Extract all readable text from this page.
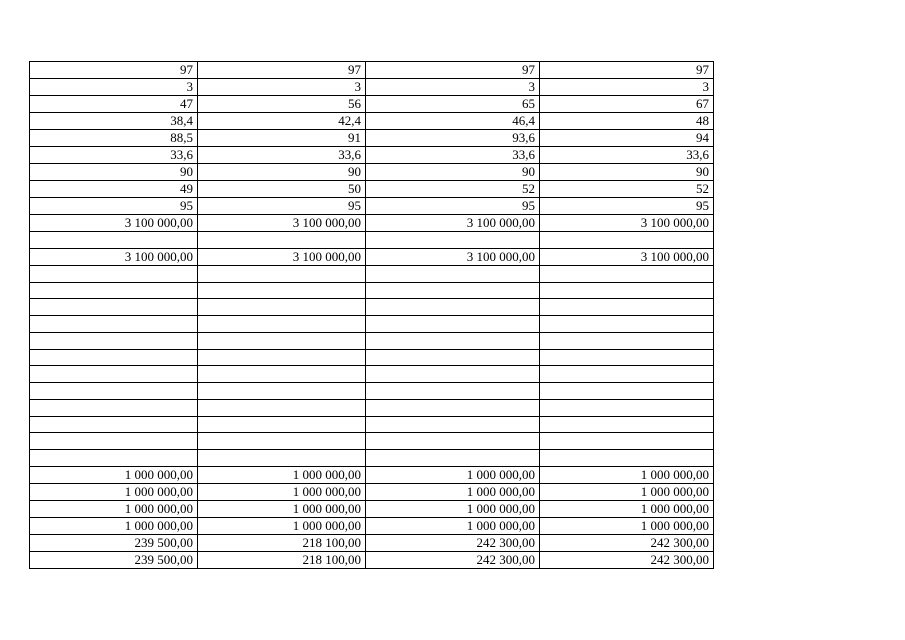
97	97	97	97
3	3	3	3
47	56	65	67
38,4	42,4	46,4	48
88,5	91	93,6	94
33,6	33,6	33,6	33,6
90	90	90	90
49	50	52	52
95	95	95	95
3 100 000,00	3 100 000,00	3 100 000,00	3 100 000,00

3 100 000,00	3 100 000,00	3 100 000,00	3 100 000,00

1 000 000,00	1 000 000,00	1 000 000,00	1 000 000,00
1 000 000,00	1 000 000,00	1 000 000,00	1 000 000,00
1 000 000,00	1 000 000,00	1 000 000,00	1 000 000,00
1 000 000,00	1 000 000,00	1 000 000,00	1 000 000,00
239 500,00	218 100,00	242 300,00	242 300,00
239 500,00	218 100,00	242 300,00	242 300,00
